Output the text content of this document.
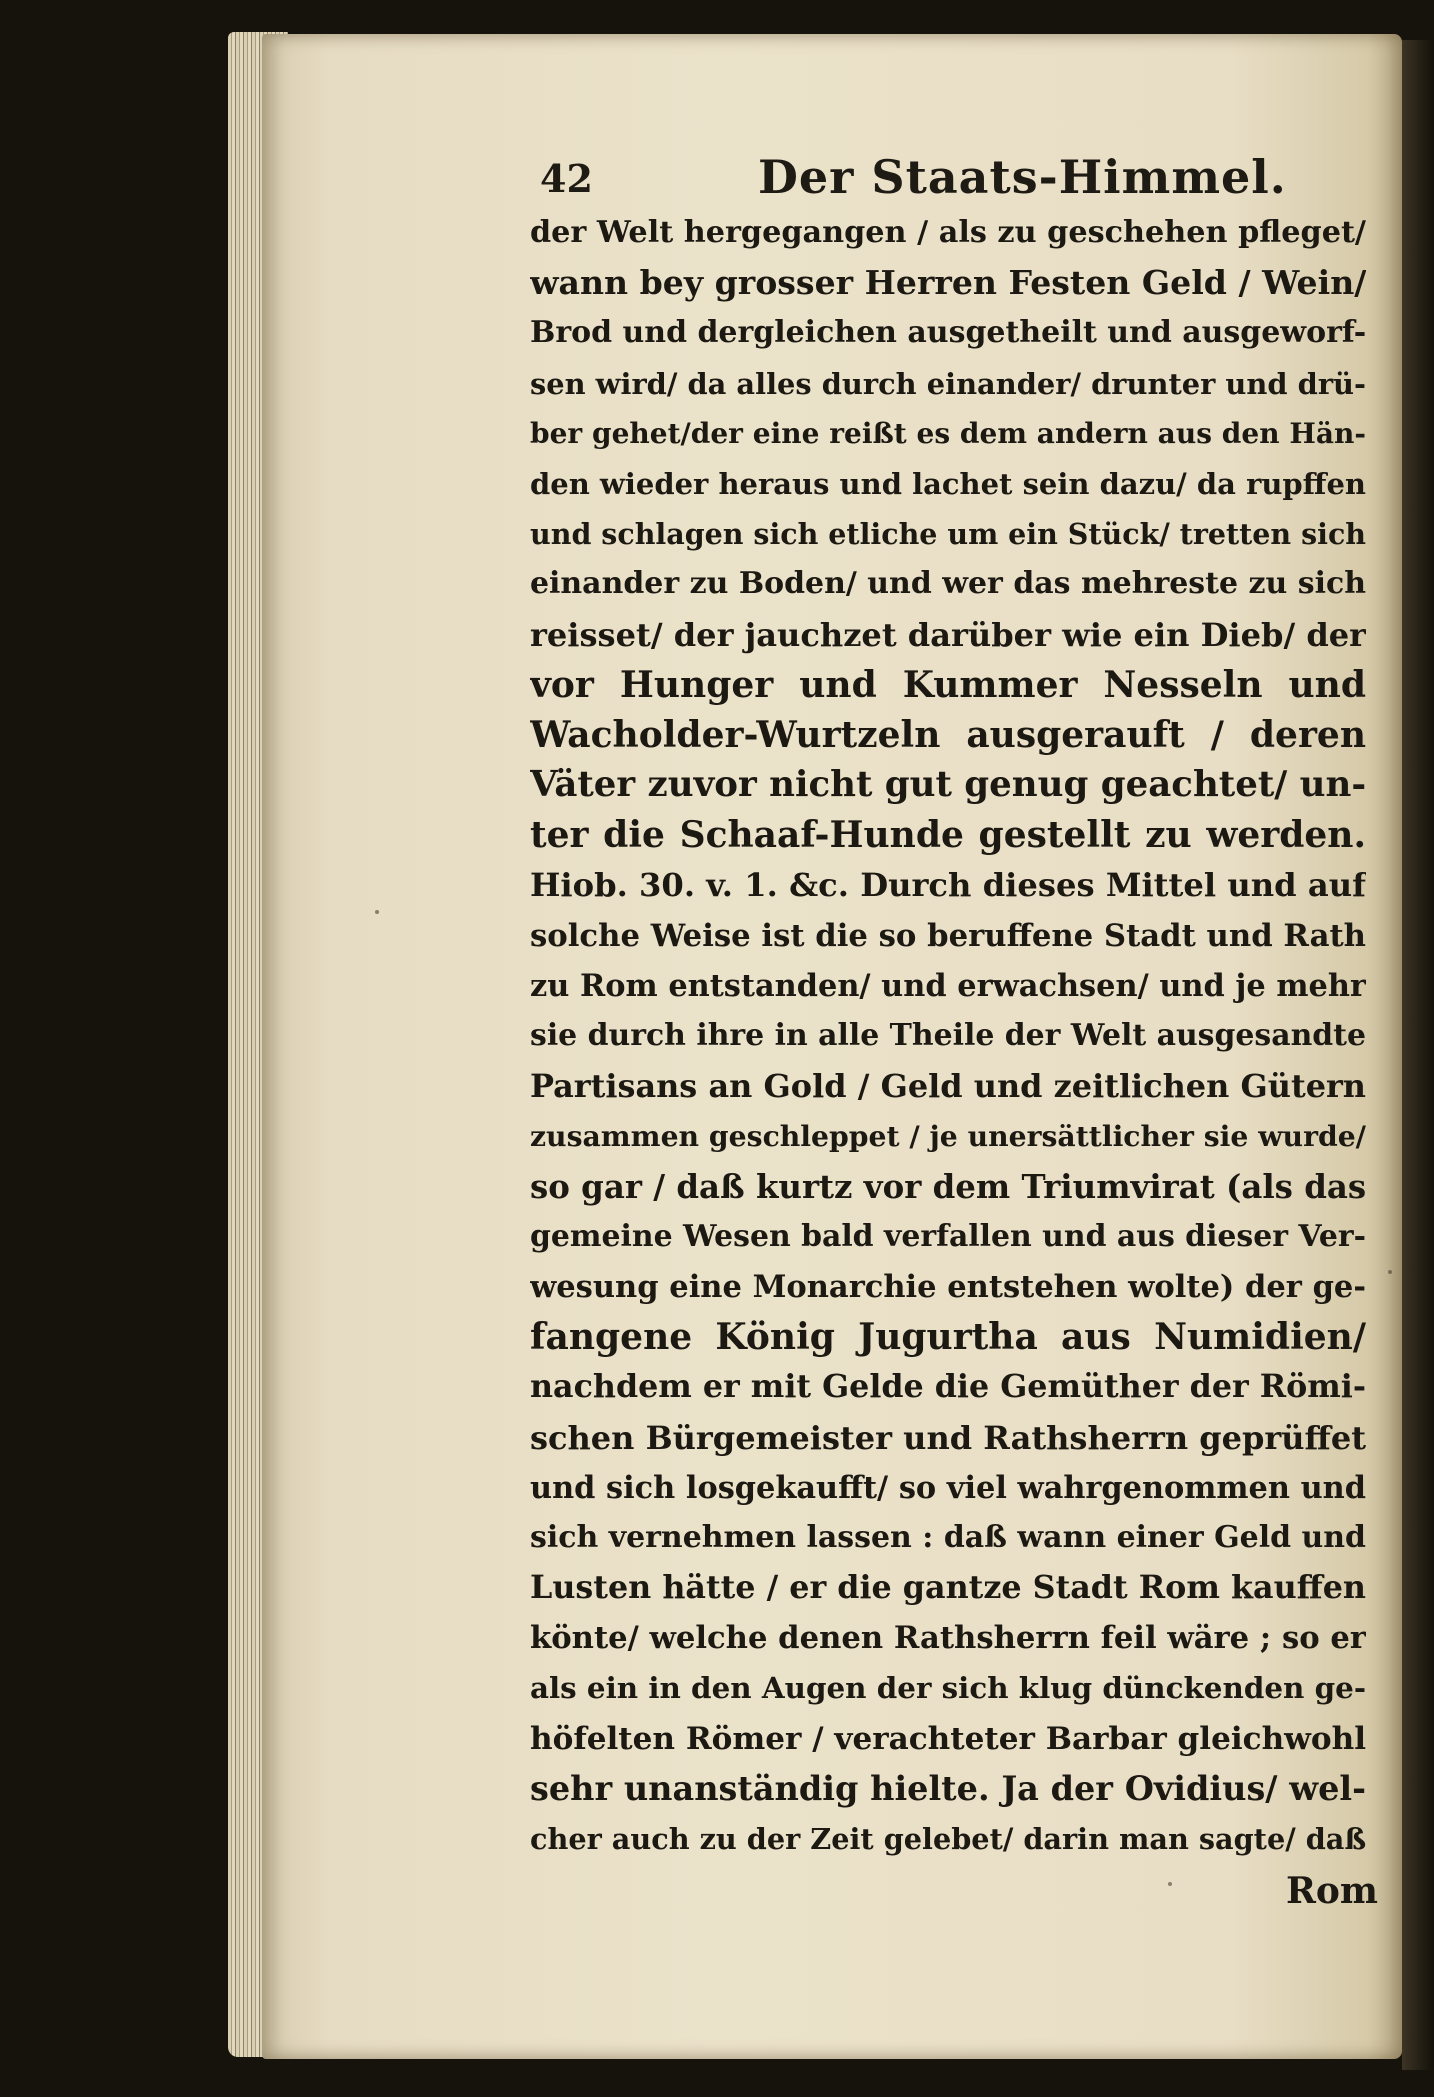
42	Der Staats-Himmel.
der Welt hergegangen / als zu geschehen pfleget/
wann bey grosser Herren Festen Geld / Wein/
Brod und dergleichen ausgetheilt und ausgeworf-
sen wird/ da alles durch einander/ drunter und drü-
ber gehet/der eine reißt es dem andern aus den Hän-
den wieder heraus und lachet sein dazu/ da rupffen
und schlagen sich etliche um ein Stück/ tretten sich
einander zu Boden/ und wer das mehreste zu sich
reisset/ der jauchzet darüber wie ein Dieb/ der
vor Hunger und Kummer Nesseln und
Wacholder-Wurtzeln ausgerauft / deren
Väter zuvor nicht gut genug geachtet/ un-
ter die Schaaf-Hunde gestellt zu werden.
Hiob. 30. v. 1. &c. Durch dieses Mittel und auf
solche Weise ist die so beruffene Stadt und Rath
zu Rom entstanden/ und erwachsen/ und je mehr
sie durch ihre in alle Theile der Welt ausgesandte
Partisans an Gold / Geld und zeitlichen Gütern
zusammen geschleppet / je unersättlicher sie wurde/
so gar / daß kurtz vor dem Triumvirat (als das
gemeine Wesen bald verfallen und aus dieser Ver-
wesung eine Monarchie entstehen wolte) der ge-
fangene König Jugurtha aus Numidien/
nachdem er mit Gelde die Gemüther der Römi-
schen Bürgemeister und Rathsherrn geprüffet
und sich losgekaufft/ so viel wahrgenommen und
sich vernehmen lassen : daß wann einer Geld und
Lusten hätte / er die gantze Stadt Rom kauffen
könte/ welche denen Rathsherrn feil wäre ; so er
als ein in den Augen der sich klug dünckenden ge-
höfelten Römer / verachteter Barbar gleichwohl
sehr unanständig hielte. Ja der Ovidius/ wel-
cher auch zu der Zeit gelebet/ darin man sagte/ daß
Rom
